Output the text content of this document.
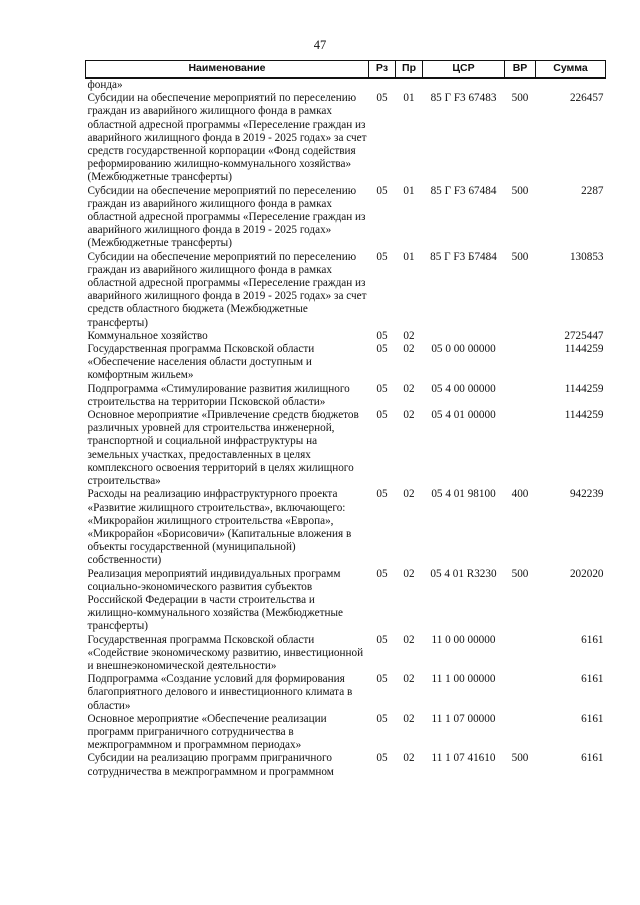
47
Наименование	Рз	Пр	ЦСР	ВР	Сумма
фонда»					
Субсидии на обеспечение мероприятий по переселению граждан из аварийного жилищного фонда в рамках областной адресной программы «Переселение граждан из аварийного жилищного фонда в 2019 - 2025 годах» за счет средств государственной корпорации «Фонд содействия реформированию жилищно-коммунального хозяйства» (Межбюджетные трансферты)	05	01	85 Г F3 67483	500	226457
Субсидии на обеспечение мероприятий по переселению граждан из аварийного жилищного фонда в рамках областной адресной программы «Переселение граждан из аварийного жилищного фонда в 2019 - 2025 годах» (Межбюджетные трансферты)	05	01	85 Г F3 67484	500	2287
Субсидии на обеспечение мероприятий по переселению граждан из аварийного жилищного фонда в рамках областной адресной программы «Переселение граждан из аварийного жилищного фонда в 2019 - 2025 годах» за счет средств областного бюджета (Межбюджетные трансферты)	05	01	85 Г F3 Б7484	500	130853
Коммунальное хозяйство	05	02			2725447
Государственная программа Псковской области «Обеспечение населения области доступным и комфортным жильем»	05	02	05 0 00 00000		1144259
Подпрограмма «Стимулирование развития жилищного строительства на территории Псковской области»	05	02	05 4 00 00000		1144259
Основное мероприятие «Привлечение средств бюджетов различных уровней для строительства инженерной, транспортной и социальной инфраструктуры на земельных участках, предоставленных в целях комплексного освоения территорий в целях жилищного строительства»	05	02	05 4 01 00000		1144259
Расходы на реализацию инфраструктурного проекта «Развитие жилищного строительства», включающего: «Микрорайон жилищного строительства «Европа», «Микрорайон «Борисовичи» (Капитальные вложения в объекты государственной (муниципальной) собственности)	05	02	05 4 01 98100	400	942239
Реализация мероприятий индивидуальных программ социально-экономического развития субъектов Российской Федерации в части строительства и жилищно-коммунального хозяйства (Межбюджетные трансферты)	05	02	05 4 01 R3230	500	202020
Государственная программа Псковской области «Содействие экономическому развитию, инвестиционной и внешнеэкономической деятельности»	05	02	11 0 00 00000		6161
Подпрограмма «Создание условий для формирования благоприятного делового и инвестиционного климата в области»	05	02	11 1 00 00000		6161
Основное мероприятие «Обеспечение реализации программ приграничного сотрудничества в межпрограммном и программном периодах»	05	02	11 1 07 00000		6161
Субсидии на реализацию программ приграничного сотрудничества в межпрограммном и программном	05	02	11 1 07 41610	500	6161
